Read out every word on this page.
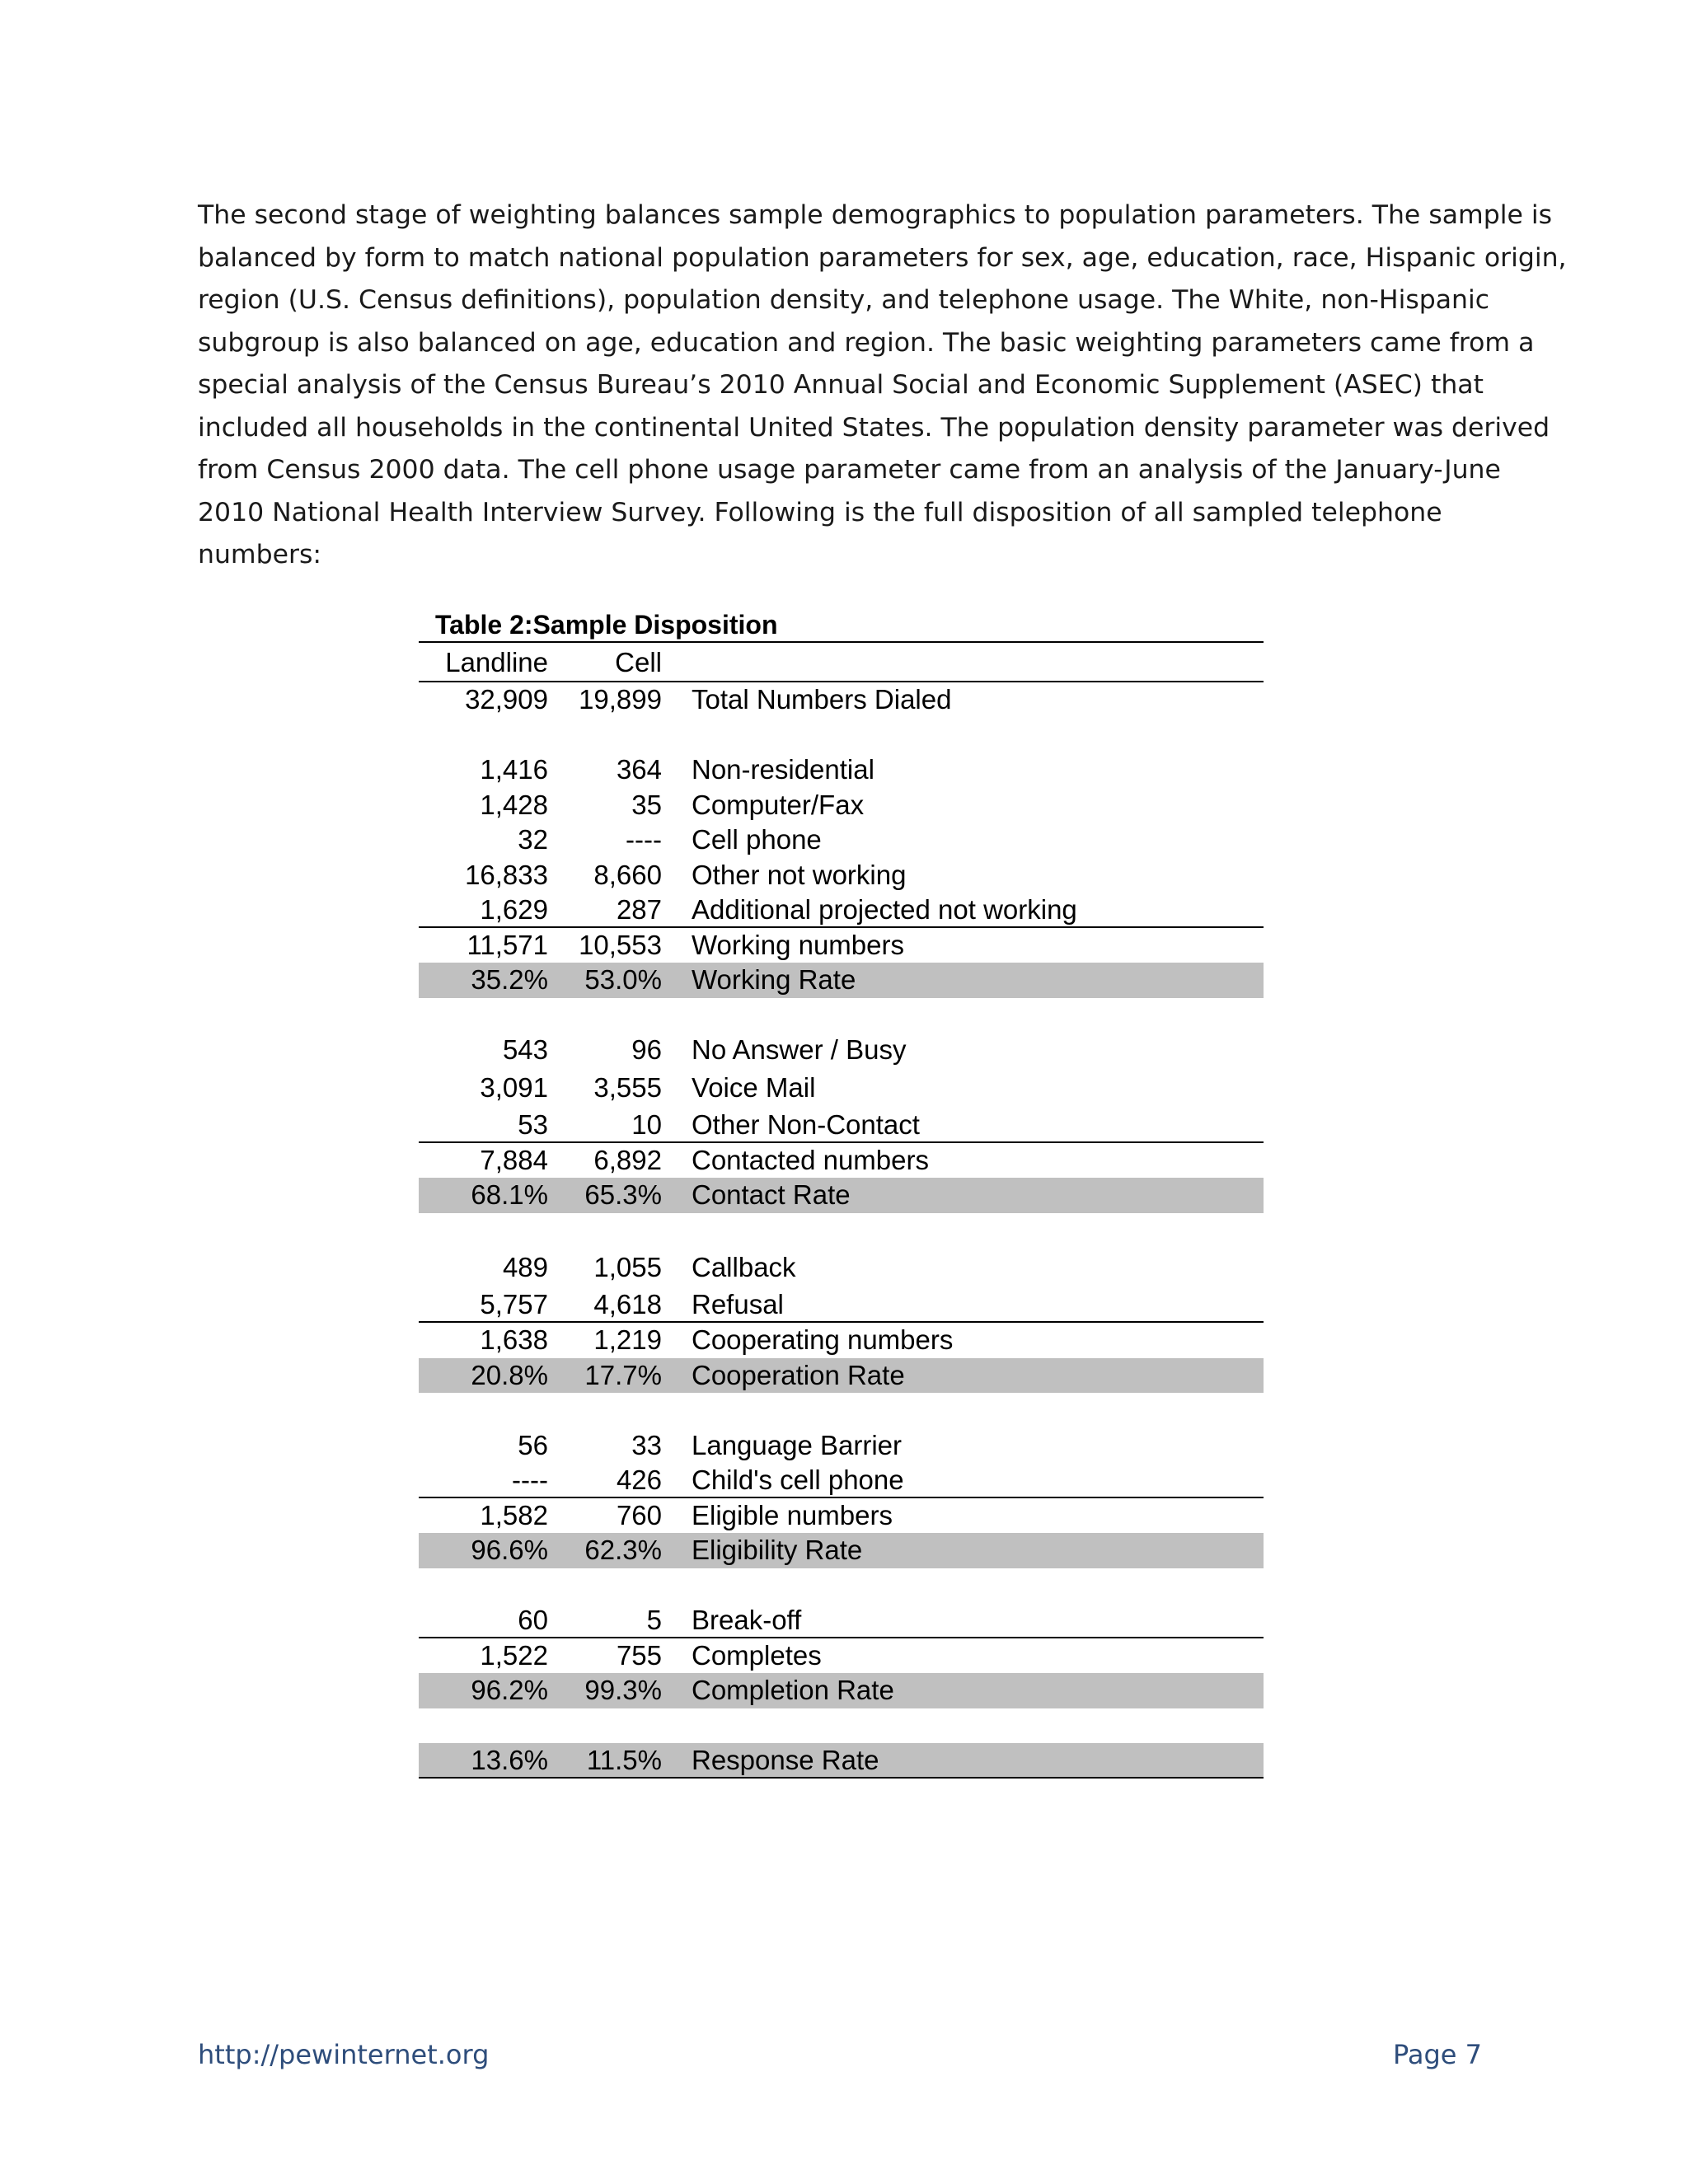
The second stage of weighting balances sample demographics to population parameters. The sample is
balanced by form to match national population parameters for sex, age, education, race, Hispanic origin,
region (U.S. Census definitions), population density, and telephone usage. The White, non-Hispanic
subgroup is also balanced on age, education and region. The basic weighting parameters came from a
special analysis of the Census Bureau’s 2010 Annual Social and Economic Supplement (ASEC) that
included all households in the continental United States. The population density parameter was derived
from Census 2000 data. The cell phone usage parameter came from an analysis of the January-June
2010 National Health Interview Survey. Following is the full disposition of all sampled telephone
numbers:
Table 2:Sample Disposition
Landline	Cell
32,909	19,899	Total Numbers Dialed
1,416	364	Non-residential
1,428	35	Computer/Fax
32	----	Cell phone
16,833	8,660	Other not working
1,629	287	Additional projected not working
11,571	10,553	Working numbers
35.2%	53.0%	Working Rate
543	96	No Answer / Busy
3,091	3,555	Voice Mail
53	10	Other Non-Contact
7,884	6,892	Contacted numbers
68.1%	65.3%	Contact Rate
489	1,055	Callback
5,757	4,618	Refusal
1,638	1,219	Cooperating numbers
20.8%	17.7%	Cooperation Rate
56	33	Language Barrier
----	426	Child's cell phone
1,582	760	Eligible numbers
96.6%	62.3%	Eligibility Rate
60	5	Break-off
1,522	755	Completes
96.2%	99.3%	Completion Rate
13.6%	11.5%	Response Rate
http://pewinternet.org	Page 7
